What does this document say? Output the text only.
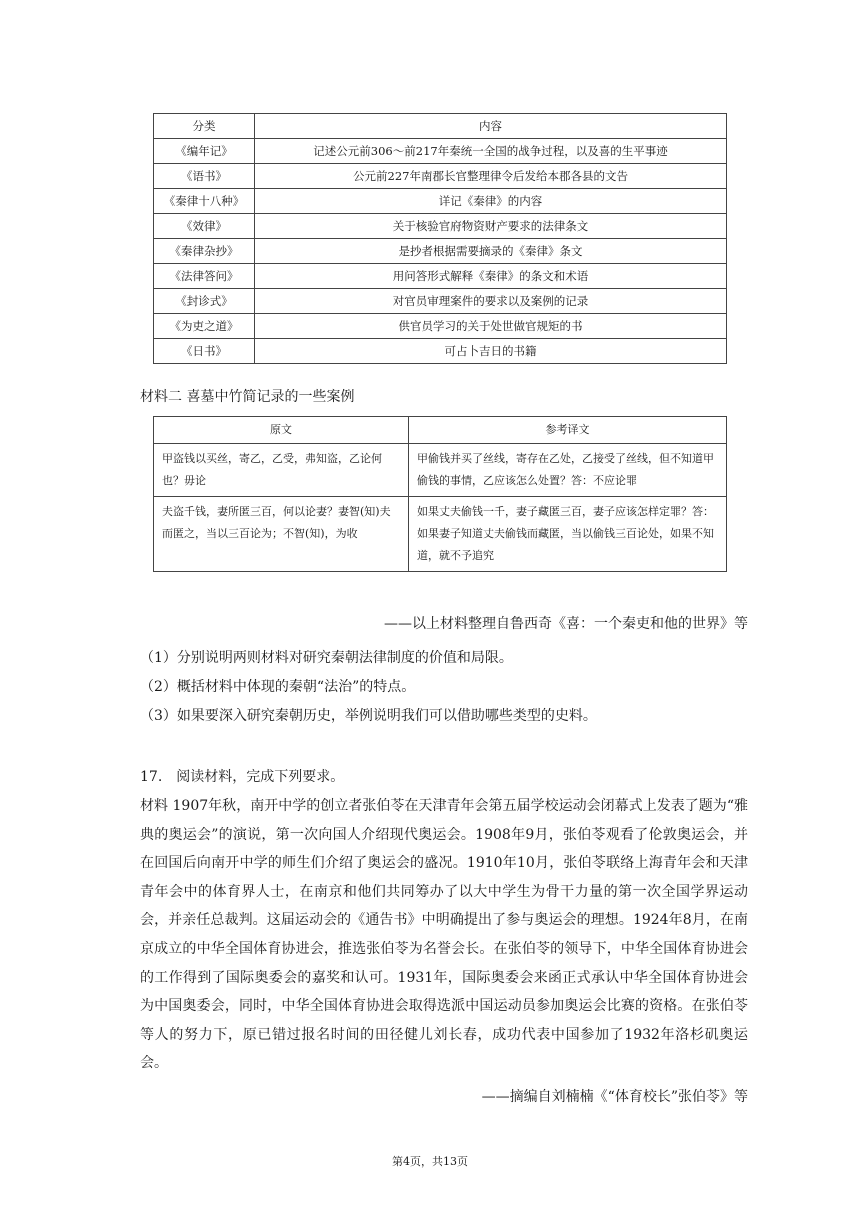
分类	内容
《编年记》	记述公元前306～前217年秦统一全国的战争过程，以及喜的生平事迹
《语书》	公元前227年南郡长官整理律令后发给本郡各县的文告
《秦律十八种》	详记《秦律》的内容
《效律》	关于核验官府物资财产要求的法律条文
《秦律杂抄》	是抄者根据需要摘录的《秦律》条文
《法律答问》	用问答形式解释《秦律》的条文和术语
《封诊式》	对官员审理案件的要求以及案例的记录
《为吏之道》	供官员学习的关于处世做官规矩的书
《日书》	可占卜吉日的书籍
材料二 喜墓中竹简记录的一些案例
原文	参考译文
甲盗钱以买丝，寄乙，乙受，弗知盗，乙论何也？毋论	甲偷钱并买了丝线，寄存在乙处，乙接受了丝线，但不知道甲偷钱的事情，乙应该怎么处置？答：不应论罪
夫盗千钱，妻所匿三百，何以论妻？妻智(知)夫而匿之，当以三百论为；不智(知)，为收	如果丈夫偷钱一千，妻子藏匿三百，妻子应该怎样定罪？答：如果妻子知道丈夫偷钱而藏匿，当以偷钱三百论处，如果不知道，就不予追究
——以上材料整理自鲁西奇《喜：一个秦吏和他的世界》等
（1）分别说明两则材料对研究秦朝法律制度的价值和局限。
（2）概括材料中体现的秦朝“法治”的特点。
（3）如果要深入研究秦朝历史，举例说明我们可以借助哪些类型的史料。
17. 阅读材料，完成下列要求。
材料 1907年秋，南开中学的创立者张伯苓在天津青年会第五届学校运动会闭幕式上发表了题为“雅典的奥运会”的演说，第一次向国人介绍现代奥运会。1908年9月，张伯苓观看了伦敦奥运会，并在回国后向南开中学的师生们介绍了奥运会的盛况。1910年10月，张伯苓联络上海青年会和天津青年会中的体育界人士，在南京和他们共同筹办了以大中学生为骨干力量的第一次全国学界运动会，并亲任总裁判。这届运动会的《通告书》中明确提出了参与奥运会的理想。1924年8月，在南京成立的中华全国体育协进会，推选张伯苓为名誉会长。在张伯苓的领导下，中华全国体育协进会的工作得到了国际奥委会的嘉奖和认可。1931年，国际奥委会来函正式承认中华全国体育协进会为中国奥委会，同时，中华全国体育协进会取得选派中国运动员参加奥运会比赛的资格。在张伯苓等人的努力下，原已错过报名时间的田径健儿刘长春，成功代表中国参加了1932年洛杉矶奥运会。
——摘编自刘楠楠《“体育校长”张伯苓》等
第4页，共13页
